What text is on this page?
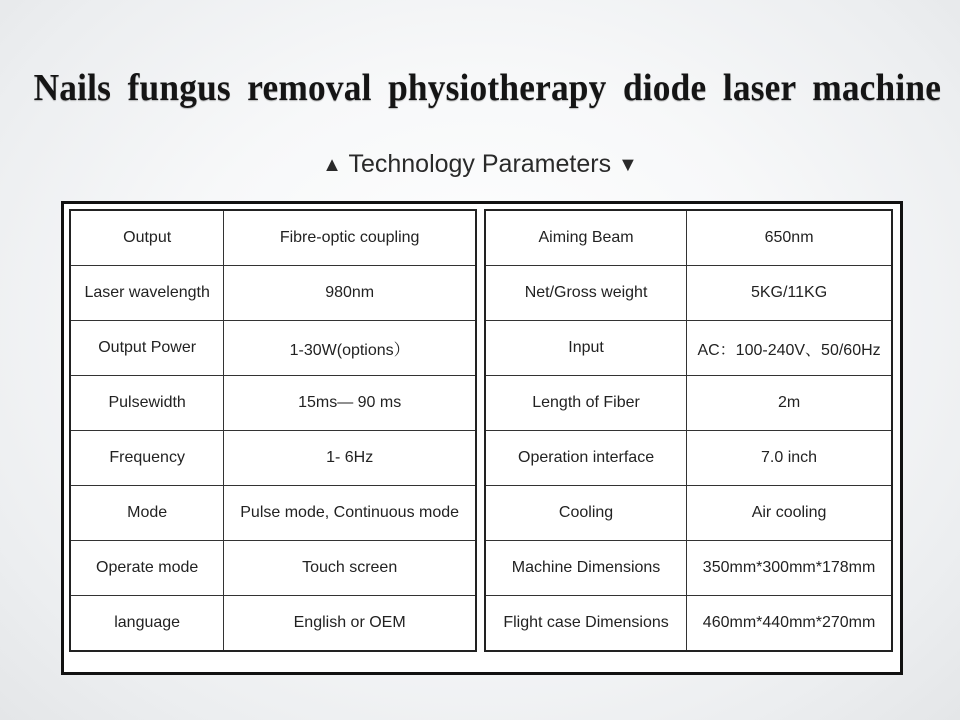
Nails fungus removal physiotherapy diode laser machine
▲ Technology Parameters ▼
Output	Fibre-optic coupling
Laser wavelength	980nm
Output Power	1-30W(options）
Pulsewidth	15ms— 90 ms
Frequency	1- 6Hz
Mode	Pulse mode, Continuous mode
Operate mode	Touch screen
language	English or OEM
Aiming Beam	650nm
Net/Gross weight	5KG/11KG
Input	AC：100-240V、50/60Hz
Length of Fiber	2m
Operation interface	7.0 inch
Cooling	Air cooling
Machine Dimensions	350mm*300mm*178mm
Flight case Dimensions	460mm*440mm*270mm
